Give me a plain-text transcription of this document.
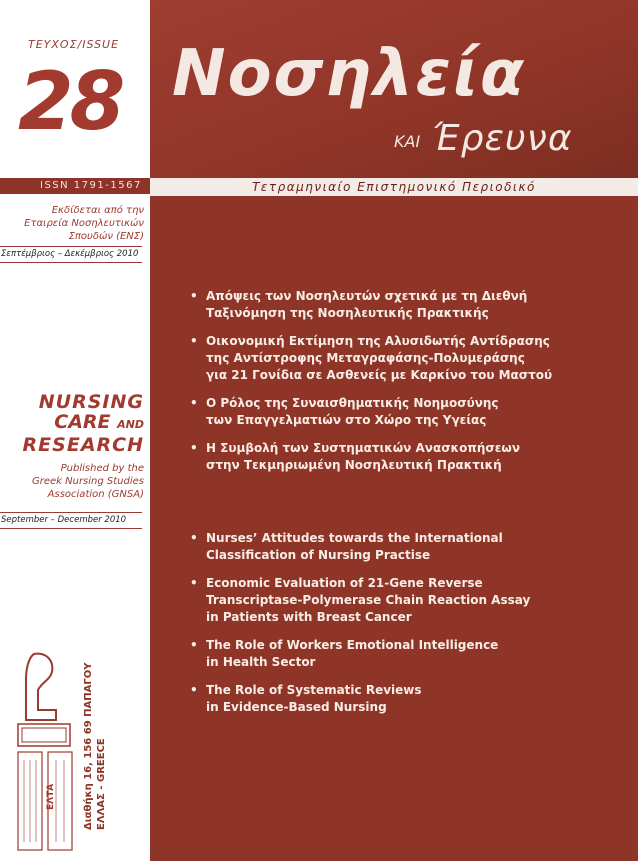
ΤΕΥΧΟΣ/ISSUE
28
ISSN 1791-1567
Εκδίδεται από την
Εταιρεία Νοσηλευτικών
Σπουδών (ΕΝΣ)
Σεπτέμβριος – Δεκέμβριος 2010
NURSING
CARE AND
RESEARCH
Published by the
Greek Nursing Studies
Association (GNSA)
September – December 2010
ΕΛΤΑ	Διαθήκη 16, 156 69 ΠΑΠΑΓΟΥ ΕΛΛΑΣ - GREECE
Νοσηλεία
ΚΑΙ Έρευνα
Τετραμηνιαίο Επιστημονικό Περιοδικό
• Απόψεις των Νοσηλευτών σχετικά με τη Διεθνή
Ταξινόμηση της Νοσηλευτικής Πρακτικής
• Οικονομική Εκτίμηση της Αλυσιδωτής Αντίδρασης
της Αντίστροφης Μεταγραφάσης-Πολυμεράσης
για 21 Γονίδια σε Ασθενείς με Καρκίνο του Μαστού
• Ο Ρόλος της Συναισθηματικής Νοημοσύνης
των Επαγγελματιών στο Χώρο της Υγείας
• Η Συμβολή των Συστηματικών Ανασκοπήσεων
στην Τεκμηριωμένη Νοσηλευτική Πρακτική
• Nurses’ Attitudes towards the International
Classification of Nursing Practise
• Economic Evaluation of 21-Gene Reverse
Transcriptase-Polymerase Chain Reaction Assay
in Patients with Breast Cancer
• The Role of Workers Emotional Intelligence
in Health Sector
• The Role of Systematic Reviews
in Evidence-Based Nursing
